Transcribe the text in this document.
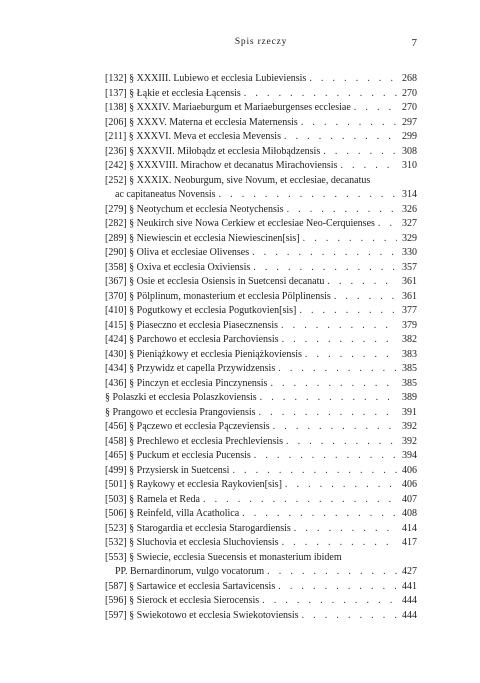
Spis rzeczy	7
[132] § XXXIII. Lubiewo et ecclesia Lubieviensis . . .	268
[137] § Łąkie et ecclesia Łącensis . . .	270
[138] § XXXIV. Mariaeburgum et Mariaeburgenses ecclesiae . . .	270
[206] § XXXV. Materna et ecclesia Maternensis . . .	297
[211] § XXXVI. Meva et ecclesia Mevensis . . .	299
[236] § XXXVII. Miłobądz et ecclesia Miłobądzensis . . .	308
[242] § XXXVIII. Mirachow et decanatus Mirachoviensis . . .	310
[252] § XXXIX. Neoburgum, sive Novum, et ecclesiae, decanatus
ac capitaneatus Novensis . . .	314
[279] § Neotychum et ecclesia Neotychensis . . .	326
[282] § Neukirch sive Nowa Cerkiew et ecclesiae Neo-Cerquienses . . .	327
[289] § Niewiescin et ecclesia Niewiescinen[sis] . . .	329
[290] § Oliva et ecclesiae Olivenses . . .	330
[358] § Oxiva et ecclesia Oxiviensis . . .	357
[367] § Osie et ecclesia Osiensis in Suetcensi decanatu . . .	361
[370] § Pölplinum, monasterium et ecclesia Pölplinensis . . .	361
[410] § Pogutkowy et ecclesia Pogutkovien[sis] . . .	377
[415] § Piaseczno et ecclesia Piasecznensis . . .	379
[424] § Parchowo et ecclesia Parchoviensis . . .	382
[430] § Pieniążkowy et ecclesia Pieniążkoviensis . . .	383
[434] § Przywidz et capella Przywidzensis . . .	385
[436] § Pinczyn et ecclesia Pinczynensis . . .	385
§ Polaszki et ecclesia Polaszkoviensis . . .	389
§ Prangowo et ecclesia Prangoviensis . . .	391
[456] § Pączewo et ecclesia Pączeviensis . . .	392
[458] § Prechlewo et ecclesia Prechleviensis . . .	392
[465] § Puckum et ecclesia Pucensis . . .	394
[499] § Przysiersk in Suetcensi . . .	406
[501] § Raykowy et ecclesia Raykovien[sis] . . .	406
[503] § Ramela et Reda . . .	407
[506] § Reinfeld, villa Acatholica . . .	408
[523] § Starogardia et ecclesia Starogardiensis . . .	414
[532] § Sluchovia et ecclesia Sluchoviensis . . .	417
[553] § Swiecie, ecclesia Suecensis et monasterium ibidem
PP. Bernardinorum, vulgo vocatorum . . .	427
[587] § Sartawice et ecclesia Sartavicensis . . .	441
[596] § Sierock et ecclesia Sierocensis . . .	444
[597] § Swiekotowo et ecclesia Swiekotoviensis . . .	444
